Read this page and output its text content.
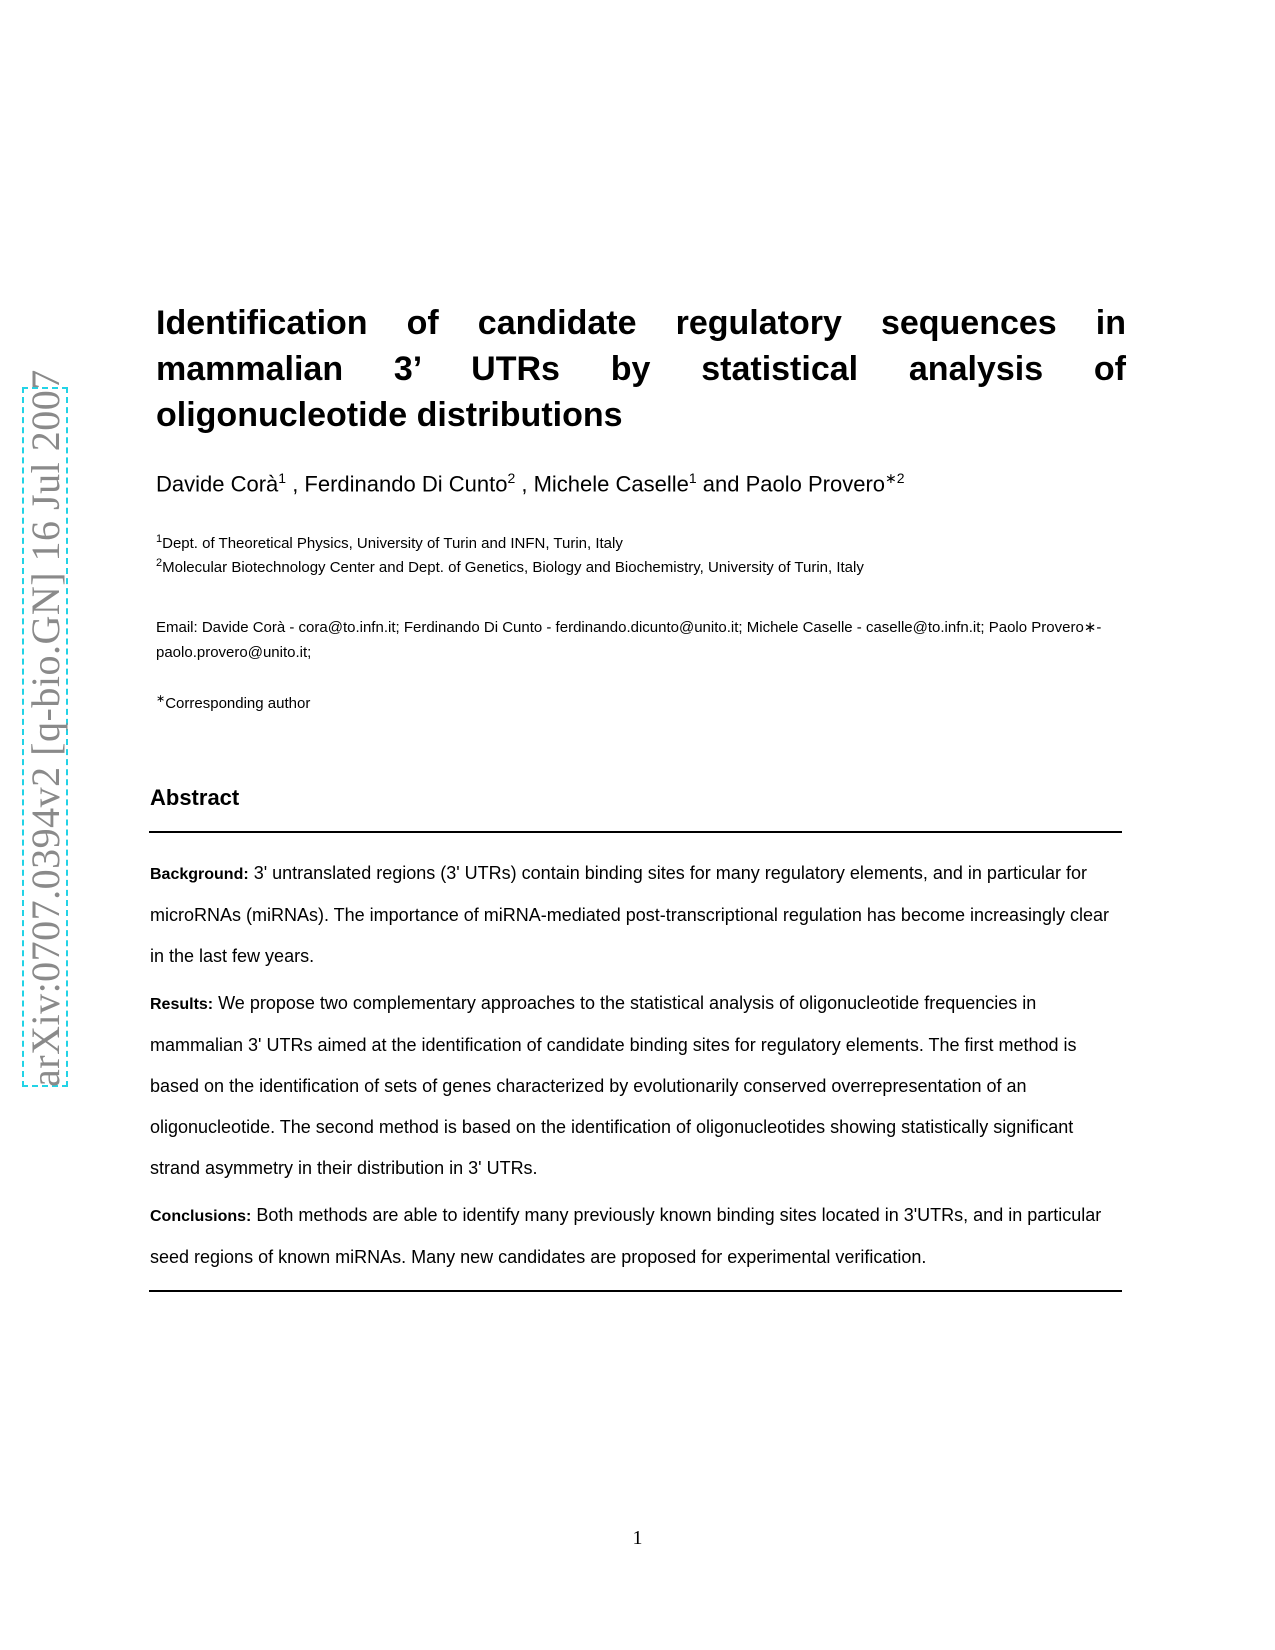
arXiv:0707.0394v2 [q-bio.GN] 16 Jul 2007
Identification of candidate regulatory sequences in mammalian 3’ UTRs by statistical analysis of oligonucleotide distributions
Davide Corà$^1$ , Ferdinando Di Cunto$^2$ , Michele Caselle$^1$ and Paolo Provero$^{∗2}$
$^1$Dept. of Theoretical Physics, University of Turin and INFN, Turin, Italy
$^2$Molecular Biotechnology Center and Dept. of Genetics, Biology and Biochemistry, University of Turin, Italy
Email: Davide Corà - cora@to.infn.it; Ferdinando Di Cunto - ferdinando.dicunto@unito.it; Michele Caselle - caselle@to.infn.it; Paolo Provero∗- paolo.provero@unito.it;
∗Corresponding author
Abstract

Background: 3' untranslated regions (3' UTRs) contain binding sites for many regulatory elements, and in particular for microRNAs (miRNAs). The importance of miRNA-mediated post-transcriptional regulation has become increasingly clear in the last few years.

Results: We propose two complementary approaches to the statistical analysis of oligonucleotide frequencies in mammalian 3' UTRs aimed at the identification of candidate binding sites for regulatory elements. The first method is based on the identification of sets of genes characterized by evolutionarily conserved overrepresentation of an oligonucleotide. The second method is based on the identification of oligonucleotides showing statistically significant strand asymmetry in their distribution in 3' UTRs.

Conclusions: Both methods are able to identify many previously known binding sites located in 3'UTRs, and in particular seed regions of known miRNAs. Many new candidates are proposed for experimental verification.

1
